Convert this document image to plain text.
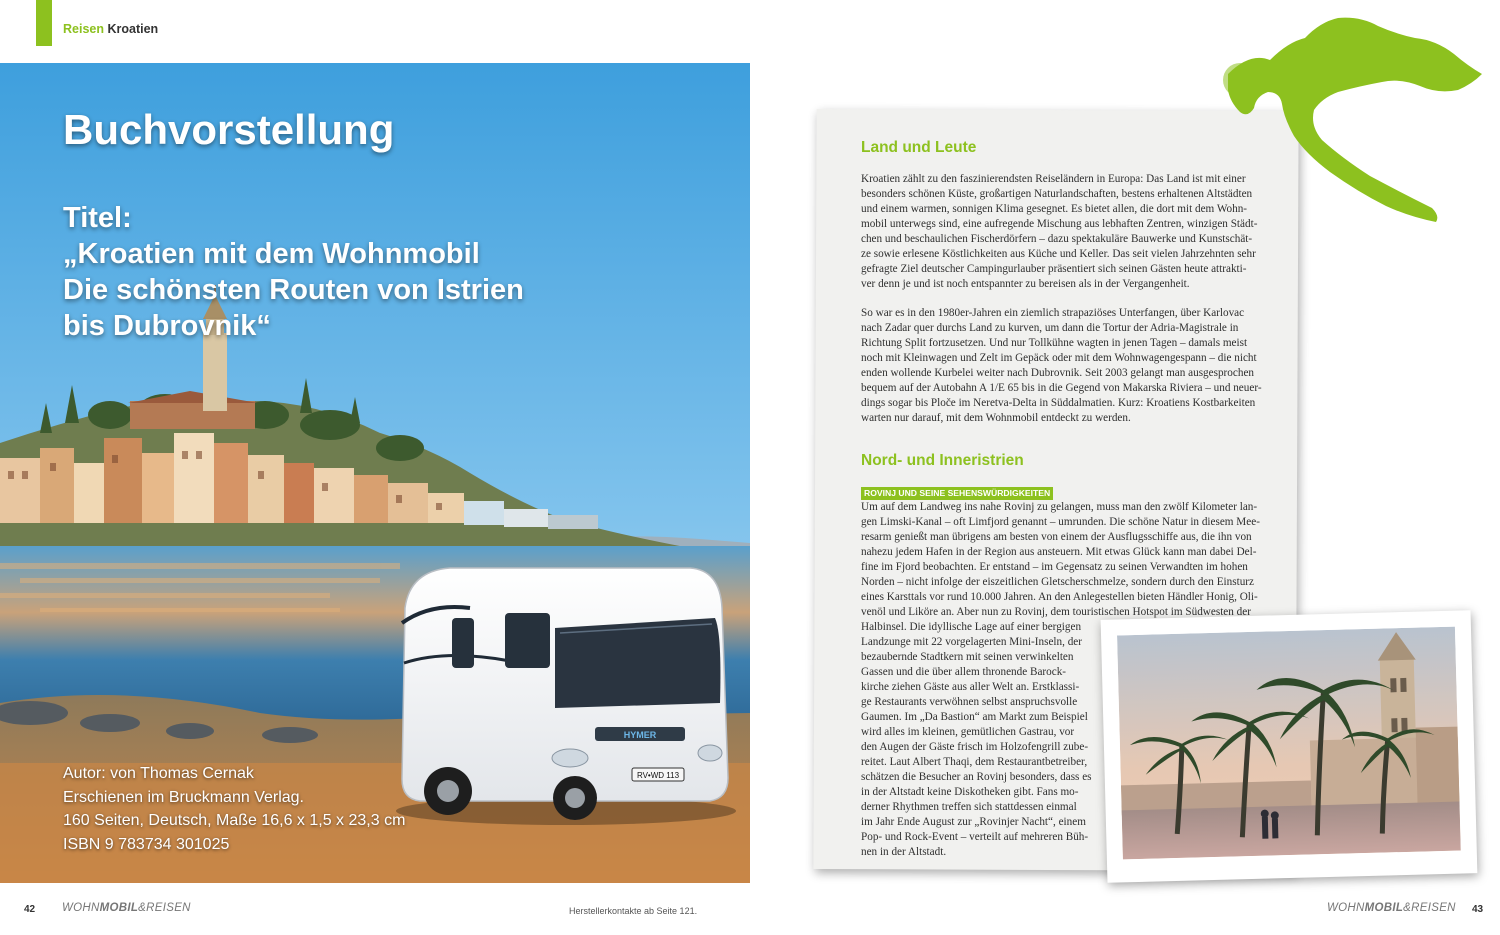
Reisen Kroatien
HYMER
RV•WD 113
Buchvorstellung
Titel:
„Kroatien mit dem Wohnmobil
Die schönsten Routen von Istrien
bis Dubrovnik“
Autor: von Thomas Cernak
Erschienen im Bruckmann Verlag.
160 Seiten, Deutsch, Maße 16,6 x 1,5 x 23,3 cm
ISBN 9 783734 301025
Land und Leute
Kroatien zählt zu den faszinierendsten Reiseländern in Europa: Das Land ist mit einer
besonders schönen Küste, großartigen Naturlandschaften, bestens erhaltenen Altstädten
und einem warmen, sonnigen Klima gesegnet. Es bietet allen, die dort mit dem Wohn-
mobil unterwegs sind, eine aufregende Mischung aus lebhaften Zentren, winzigen Städt-
chen und beschaulichen Fischerdörfern – dazu spektakuläre Bauwerke und Kunstschät-
ze sowie erlesene Köstlichkeiten aus Küche und Keller. Das seit vielen Jahrzehnten sehr
gefragte Ziel deutscher Campingurlauber präsentiert sich seinen Gästen heute attrakti-
ver denn je und ist noch entspannter zu bereisen als in der Vergangenheit.
So war es in den 1980er-Jahren ein ziemlich strapaziöses Unterfangen, über Karlovac
nach Zadar quer durchs Land zu kurven, um dann die Tortur der Adria-Magistrale in
Richtung Split fortzusetzen. Und nur Tollkühne wagten in jenen Tagen – damals meist
noch mit Kleinwagen und Zelt im Gepäck oder mit dem Wohnwagengespann – die nicht
enden wollende Kurbelei weiter nach Dubrovnik. Seit 2003 gelangt man ausgesprochen
bequem auf der Autobahn A 1/E 65 bis in die Gegend von Makarska Riviera – und neuer-
dings sogar bis Ploče im Neretva-Delta in Süddalmatien. Kurz: Kroatiens Kostbarkeiten
warten nur darauf, mit dem Wohnmobil entdeckt zu werden.
Nord- und Inneristrien
ROVINJ UND SEINE SEHENSWÜRDIGKEITEN
Um auf dem Landweg ins nahe Rovinj zu gelangen, muss man den zwölf Kilometer lan-
gen Limski-Kanal – oft Limfjord genannt – umrunden. Die schöne Natur in diesem Mee-
resarm genießt man übrigens am besten von einem der Ausflugsschiffe aus, die ihn von
nahezu jedem Hafen in der Region aus ansteuern. Mit etwas Glück kann man dabei Del-
fine im Fjord beobachten. Er entstand – im Gegensatz zu seinen Verwandten im hohen
Norden – nicht infolge der eiszeitlichen Gletscherschmelze, sondern durch den Einsturz
eines Karsttals vor rund 10.000 Jahren. An den Anlegestellen bieten Händler Honig, Oli-
venöl und Liköre an. Aber nun zu Rovinj, dem touristischen Hotspot im Südwesten der
Halbinsel. Die idyllische Lage auf einer bergigen
Landzunge mit 22 vorgelagerten Mini-Inseln, der
bezaubernde Stadtkern mit seinen verwinkelten
Gassen und die über allem thronende Barock-
kirche ziehen Gäste aus aller Welt an. Erstklassi-
ge Restaurants verwöhnen selbst anspruchsvolle
Gaumen. Im „Da Bastion“ am Markt zum Beispiel
wird alles im kleinen, gemütlichen Gastrau, vor
den Augen der Gäste frisch im Holzofengrill zube-
reitet. Laut Albert Thaqi, dem Restaurantbetreiber,
schätzen die Besucher an Rovinj besonders, dass es
in der Altstadt keine Diskotheken gibt. Fans mo-
derner Rhythmen treffen sich stattdessen einmal
im Jahr Ende August zur „Rovinjer Nacht“, einem
Pop- und Rock-Event – verteilt auf mehreren Büh-
nen in der Altstadt.
42 WOHNMOBIL&REISEN	Herstellerkontakte ab Seite 121.	WOHNMOBIL&REISEN 43
